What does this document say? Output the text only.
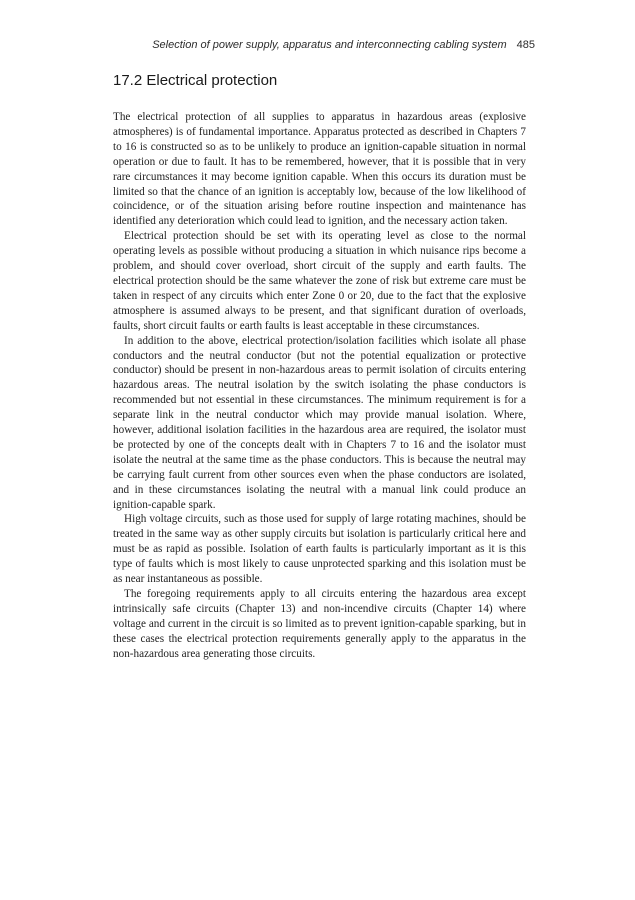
Selection of power supply, apparatus and interconnecting cabling system 485
17.2 Electrical protection

The electrical protection of all supplies to apparatus in hazardous areas (explosive atmospheres) is of fundamental importance. Apparatus protected as described in Chapters 7 to 16 is constructed so as to be unlikely to produce an ignition-capable situation in normal operation or due to fault. It has to be remembered, however, that it is possible that in very rare circumstances it may become ignition capable. When this occurs its duration must be limited so that the chance of an ignition is acceptably low, because of the low likelihood of coincidence, or of the situation arising before routine inspection and maintenance has identified any deterioration which could lead to ignition, and the necessary action taken.

Electrical protection should be set with its operating level as close to the normal operating levels as possible without producing a situation in which nuisance rips become a problem, and should cover overload, short circuit of the supply and earth faults. The electrical protection should be the same whatever the zone of risk but extreme care must be taken in respect of any circuits which enter Zone 0 or 20, due to the fact that the explosive atmosphere is assumed always to be present, and that significant duration of overloads, faults, short circuit faults or earth faults is least acceptable in these circumstances.

In addition to the above, electrical protection/isolation facilities which isolate all phase conductors and the neutral conductor (but not the potential equalization or protective conductor) should be present in non-hazardous areas to permit isolation of circuits entering hazardous areas. The neutral isolation by the switch isolating the phase conductors is recommended but not essential in these circumstances. The minimum requirement is for a separate link in the neutral conductor which may provide manual isolation. Where, however, additional isolation facilities in the hazardous area are required, the isolator must be protected by one of the concepts dealt with in Chapters 7 to 16 and the isolator must isolate the neutral at the same time as the phase conductors. This is because the neutral may be carrying fault current from other sources even when the phase conductors are isolated, and in these circumstances isolating the neutral with a manual link could produce an ignition-capable spark.

High voltage circuits, such as those used for supply of large rotating machines, should be treated in the same way as other supply circuits but isolation is particularly critical here and must be as rapid as possible. Isolation of earth faults is particularly important as it is this type of faults which is most likely to cause unprotected sparking and this isolation must be as near instantaneous as possible.

The foregoing requirements apply to all circuits entering the hazardous area except intrinsically safe circuits (Chapter 13) and non-incendive circuits (Chapter 14) where voltage and current in the circuit is so limited as to prevent ignition-capable sparking, but in these cases the electrical protection requirements generally apply to the apparatus in the non-hazardous area generating those circuits.
